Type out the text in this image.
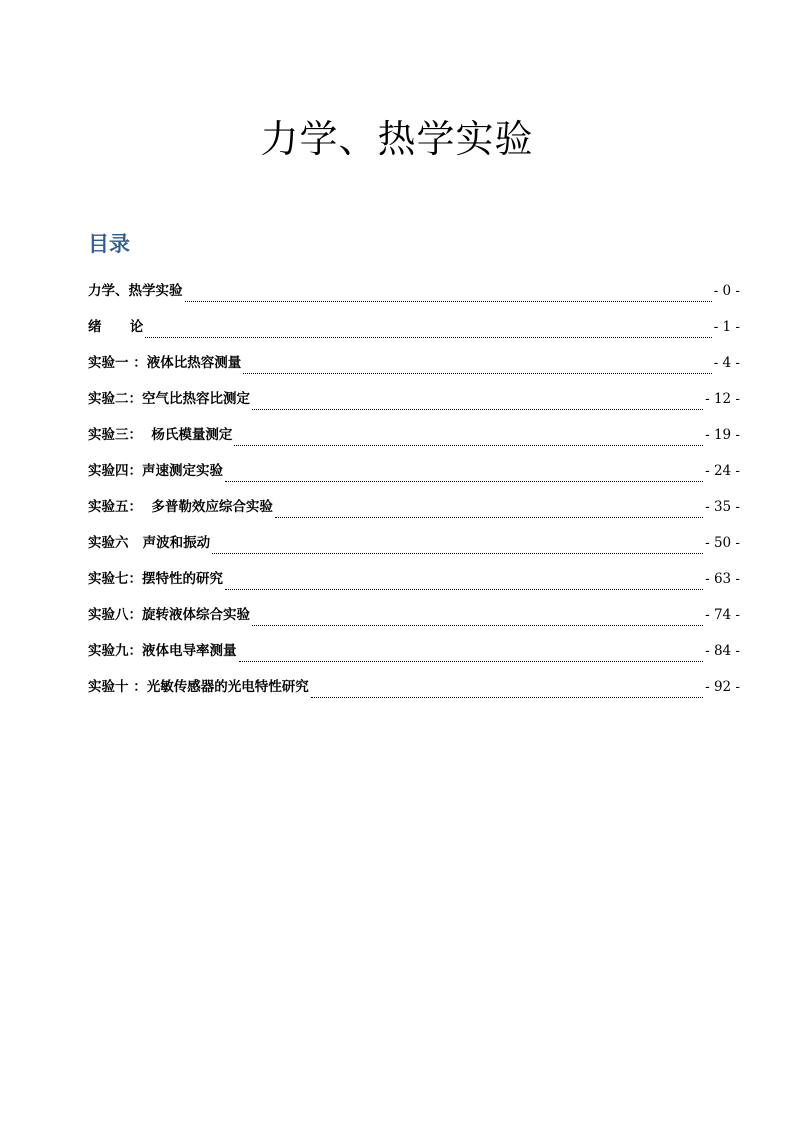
力学、热学实验
目录
力学、热学实验	- 0 -
绪      论	- 1 -
实验一 ：液体比热容测量	- 4 -
实验二：空气比热容比测定	- 12 -
实验三：  杨氏模量测定	- 19 -
实验四：声速测定实验	- 24 -
实验五：  多普勒效应综合实验	- 35 -
实验六   声波和振动	- 50 -
实验七：摆特性的研究	- 63 -
实验八：旋转液体综合实验	- 74 -
实验九：液体电导率测量	- 84 -
实验十 ：光敏传感器的光电特性研究	- 92 -
